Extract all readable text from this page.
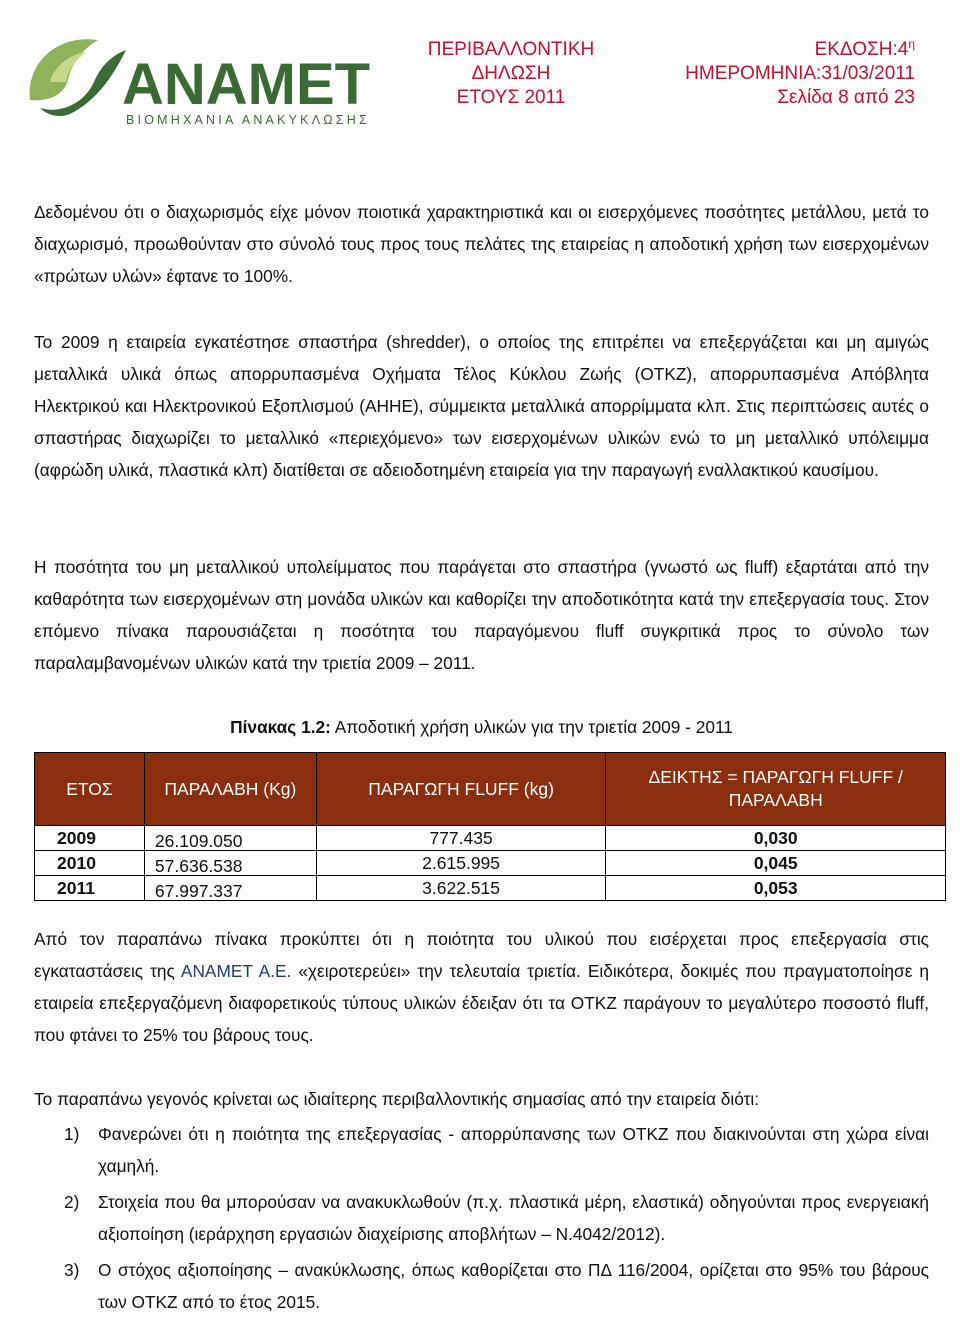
ANAMET
ΒΙΟΜΗΧΑΝΙΑ ΑΝΑΚΥΚΛΩΣΗΣ
ΠΕΡΙΒΑΛΛΟΝΤΙΚΗ
ΔΗΛΩΣΗ
ΕΤΟΥΣ 2011
$EK\Delta O\Sigma H:4^\eta$
ΗΜΕΡΟΜΗΝΙΑ:31/03/2011
Σελίδα 8 από 23

Δεδομένου ότι ο διαχωρισμός είχε μόνον ποιοτικά χαρακτηριστικά και οι εισερχόμενες ποσότητες μετάλλου, μετά το διαχωρισμό, προωθούνταν στο σύνολό τους προς τους πελάτες της εταιρείας η αποδοτική χρήση των εισερχομένων «πρώτων υλών» έφτανε το 100%.

Το 2009 η εταιρεία εγκατέστησε σπαστήρα (shredder), ο οποίος της επιτρέπει να επεξεργάζεται και μη αμιγώς μεταλλικά υλικά όπως απορρυπασμένα Οχήματα Τέλος Κύκλου Ζωής (ΟΤΚΖ), απορρυπασμένα Απόβλητα Ηλεκτρικού και Ηλεκτρονικού Εξοπλισμού (ΑΗΗΕ), σύμμεικτα μεταλλικά απορρίμματα κλπ. Στις περιπτώσεις αυτές ο σπαστήρας διαχωρίζει το μεταλλικό «περιεχόμενο» των εισερχομένων υλικών ενώ το μη μεταλλικό υπόλειμμα (αφρώδη υλικά, πλαστικά κλπ) διατίθεται σε αδειοδοτημένη εταιρεία για την παραγωγή εναλλακτικού καυσίμου.

Η ποσότητα του μη μεταλλικού υπολείμματος που παράγεται στο σπαστήρα (γνωστό ως fluff) εξαρτάται από την καθαρότητα των εισερχομένων στη μονάδα υλικών και καθορίζει την αποδοτικότητα κατά την επεξεργασία τους. Στον επόμενο πίνακα παρουσιάζεται η ποσότητα του παραγόμενου fluff συγκριτικά προς το σύνολο των παραλαμβανομένων υλικών κατά την τριετία 2009 – 2011.

Πίνακας 1.2: Αποδοτική χρήση υλικών για την τριετία 2009 - 2011
ΕΤΟΣ	ΠΑΡΑΛΑΒΗ (Kg)	ΠΑΡΑΓΩΓΗ FLUFF (kg)	ΔΕΙΚΤΗΣ = ΠΑΡΑΓΩΓΗ FLUFF / ΠΑΡΑΛΑΒΗ
2009	26.109.050	777.435	0,030
2010	57.636.538	2.615.995	0,045
2011	67.997.337	3.622.515	0,053

Από τον παραπάνω πίνακα προκύπτει ότι η ποιότητα του υλικού που εισέρχεται προς επεξεργασία στις εγκαταστάσεις της ΑΝΑΜΕΤ Α.Ε. «χειροτερεύει» την τελευταία τριετία. Ειδικότερα, δοκιμές που πραγματοποίησε η εταιρεία επεξεργαζόμενη διαφορετικούς τύπους υλικών έδειξαν ότι τα ΟΤΚΖ παράγουν το μεγαλύτερο ποσοστό fluff, που φτάνει το 25% του βάρους τους.

Το παραπάνω γεγονός κρίνεται ως ιδιαίτερης περιβαλλοντικής σημασίας από την εταιρεία διότι:

1) Φανερώνει ότι η ποιότητα της επεξεργασίας - απορρύπανσης των ΟΤΚΖ που διακινούνται στη χώρα είναι χαμηλή.
2) Στοιχεία που θα μπορούσαν να ανακυκλωθούν (π.χ. πλαστικά μέρη, ελαστικά) οδηγούνται προς ενεργειακή αξιοποίηση (ιεράρχηση εργασιών διαχείρισης αποβλήτων – Ν.4042/2012).
3) Ο στόχος αξιοποίησης – ανακύκλωσης, όπως καθορίζεται στο ΠΔ 116/2004, ορίζεται στο 95% του βάρους των ΟΤΚΖ από το έτος 2015.
